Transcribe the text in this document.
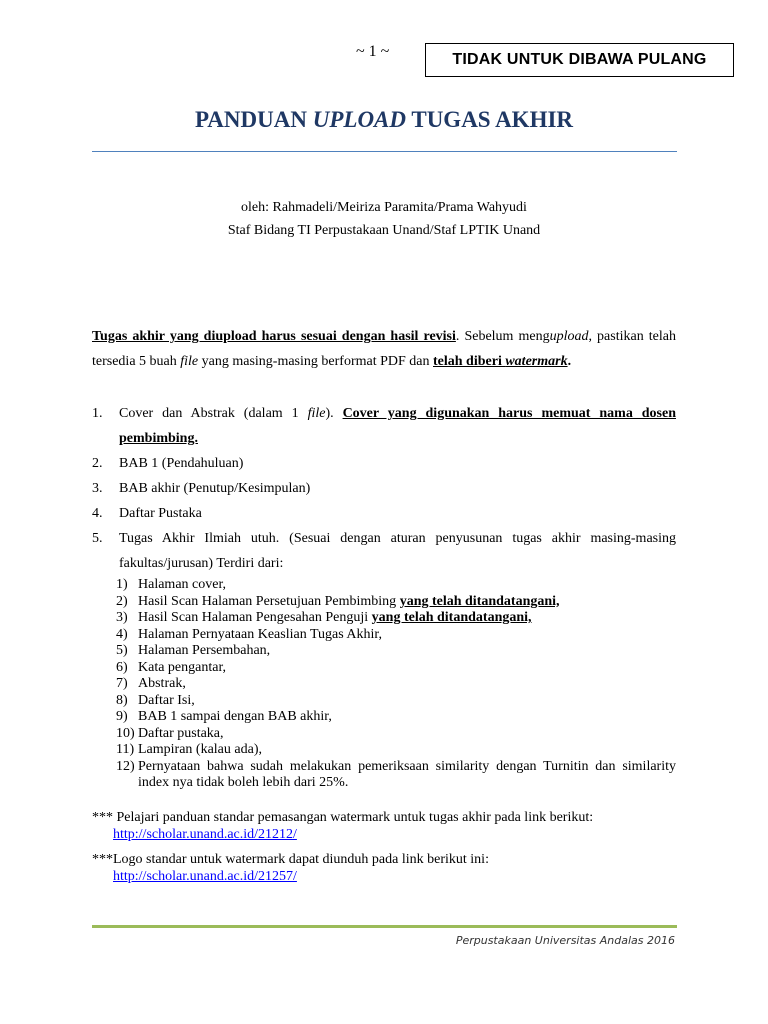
~ 1 ~	TIDAK UNTUK DIBAWA PULANG
PANDUAN UPLOAD TUGAS AKHIR
oleh: Rahmadeli/Meiriza Paramita/Prama Wahyudi
Staf Bidang TI Perpustakaan Unand/Staf LPTIK Unand

Tugas akhir yang diupload harus sesuai dengan hasil revisi. Sebelum mengupload, pastikan telah tersedia 5 buah file yang masing-masing berformat PDF dan telah diberi watermark.

1. Cover dan Abstrak (dalam 1 file). Cover yang digunakan harus memuat nama dosen pembimbing.
2. BAB 1 (Pendahuluan)
3. BAB akhir (Penutup/Kesimpulan)
4. Daftar Pustaka
5. Tugas Akhir Ilmiah utuh. (Sesuai dengan aturan penyusunan tugas akhir masing-masing fakultas/jurusan) Terdiri dari:
1) Halaman cover,
2) Hasil Scan Halaman Persetujuan Pembimbing yang telah ditandatangani,
3) Hasil Scan Halaman Pengesahan Penguji yang telah ditandatangani,
4) Halaman Pernyataan Keaslian Tugas Akhir,
5) Halaman Persembahan,
6) Kata pengantar,
7) Abstrak,
8) Daftar Isi,
9) BAB 1 sampai dengan BAB akhir,
10) Daftar pustaka,
11) Lampiran (kalau ada),
12) Pernyataan bahwa sudah melakukan pemeriksaan similarity dengan Turnitin dan similarity index nya tidak boleh lebih dari 25%.
*** Pelajari panduan standar pemasangan watermark untuk tugas akhir pada link berikut:
http://scholar.unand.ac.id/21212/
***Logo standar untuk watermark dapat diunduh pada link berikut ini:
http://scholar.unand.ac.id/21257/
Perpustakaan Universitas Andalas 2016
